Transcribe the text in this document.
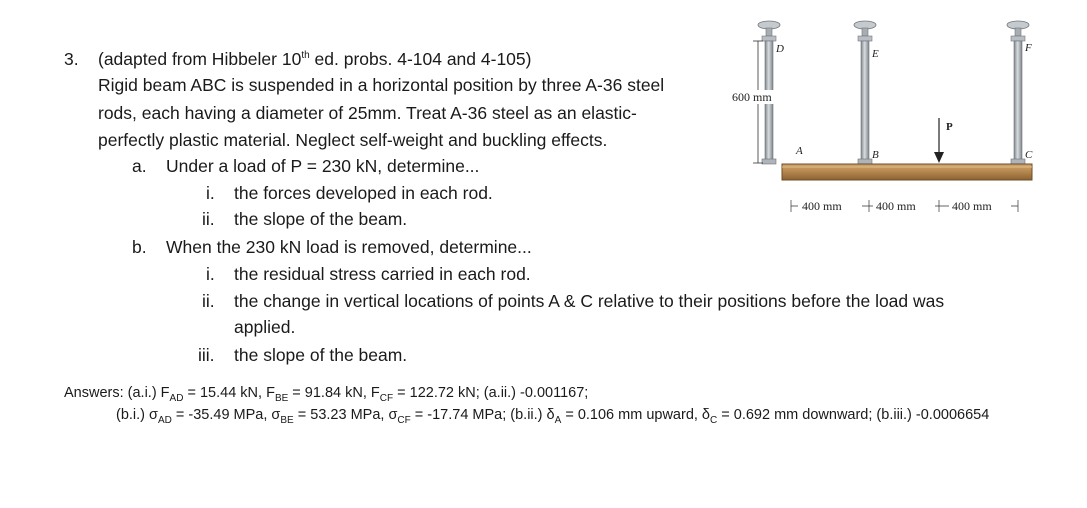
3. (adapted from Hibbeler 10th ed. probs. 4-104 and 4-105)
Rigid beam ABC is suspended in a horizontal position by three A-36 steel
rods, each having a diameter of 25mm. Treat A-36 steel as an elastic-
perfectly plastic material. Neglect self-weight and buckling effects.
a. Under a load of P = 230 kN, determine...
i. the forces developed in each rod.
ii. the slope of the beam.
b. When the 230 kN load is removed, determine...
i. the residual stress carried in each rod.
ii. the change in vertical locations of points A & C relative to their positions before the load was
applied.
iii. the slope of the beam.
Answers: (a.i.) $F_{AD} = 15.44$ kN, $F_{BE} = 91.84$ kN, $F_{CF} = 122.72$ kN; (a.ii.) -0.001167;
(b.i.) $\sigma_{AD} = -35.49$ MPa, $\sigma_{BE} = 53.23$ MPa, $\sigma_{CF} = -17.74$ MPa; (b.ii.) $\delta_A = 0.106$ mm upward, $\delta_C = 0.692$ mm downward; (b.iii.) -0.0006654
600 mm
D	E	F
A	B	C
P
400 mm	400 mm	400 mm
